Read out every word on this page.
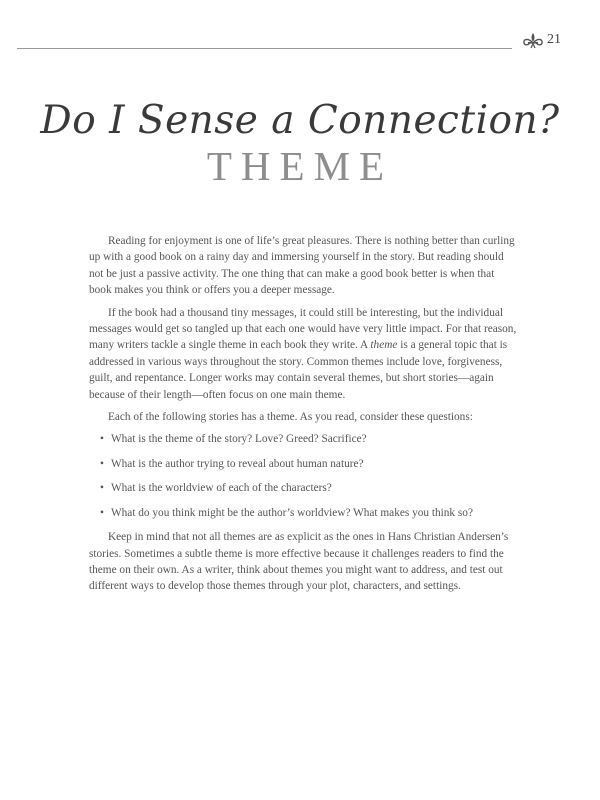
21
Do I Sense a Connection?
THEME

Reading for enjoyment is one of life’s great pleasures. There is nothing better than curling up with a good book on a rainy day and immersing yourself in the story. But reading should not be just a passive activity. The one thing that can make a good book better is when that book makes you think or offers you a deeper message.

If the book had a thousand tiny messages, it could still be interesting, but the individual messages would get so tangled up that each one would have very little impact. For that reason, many writers tackle a single theme in each book they write. A theme is a general topic that is addressed in various ways throughout the story. Common themes include love, forgiveness, guilt, and repentance. Longer works may contain several themes, but short stories—again because of their length—often focus on one main theme.

Each of the following stories has a theme. As you read, consider these questions:

• What is the theme of the story? Love? Greed? Sacrifice?
• What is the author trying to reveal about human nature?
• What is the worldview of each of the characters?
• What do you think might be the author’s worldview? What makes you think so?

Keep in mind that not all themes are as explicit as the ones in Hans Christian Andersen’s stories. Sometimes a subtle theme is more effective because it challenges readers to find the theme on their own. As a writer, think about themes you might want to address, and test out different ways to develop those themes through your plot, characters, and settings.
